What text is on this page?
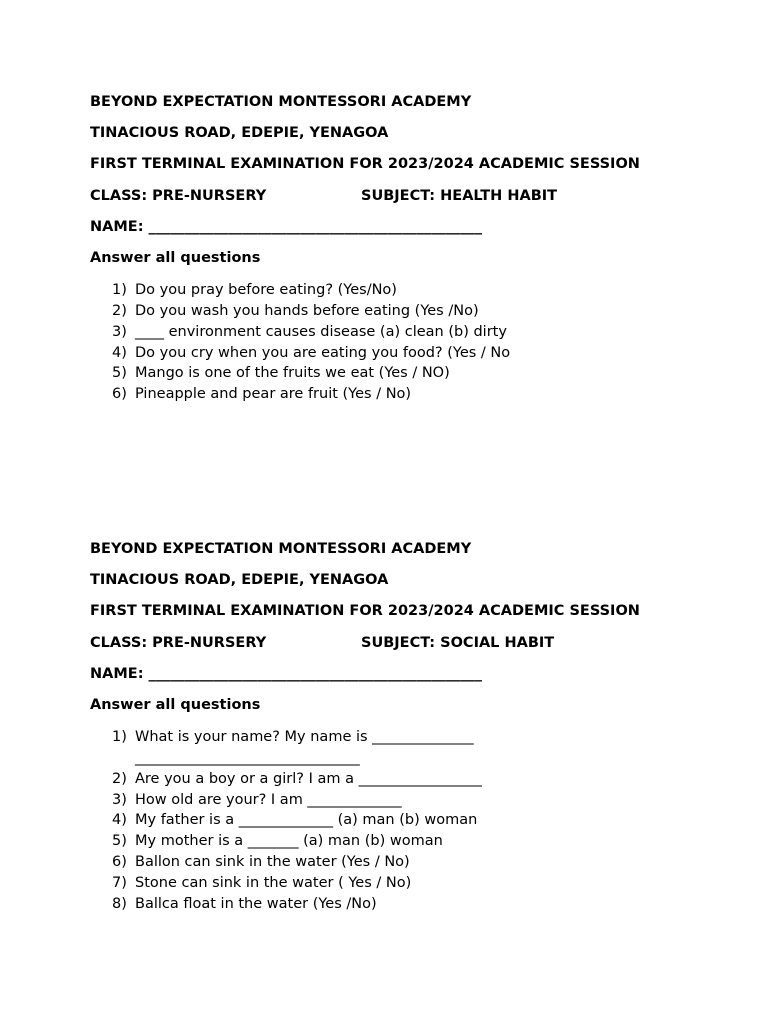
BEYOND EXPECTATION MONTESSORI ACADEMY
TINACIOUS ROAD, EDEPIE, YENAGOA
FIRST TERMINAL EXAMINATION FOR 2023/2024 ACADEMIC SESSION
CLASS: PRE-NURSERY	SUBJECT: HEALTH HABIT
NAME: ______________________________________________
Answer all questions
1) Do you pray before eating? (Yes/No)
2) Do you wash you hands before eating (Yes /No)
3) ____ environment causes disease (a) clean (b) dirty
4) Do you cry when you are eating you food? (Yes / No
5) Mango is one of the fruits we eat (Yes / NO)
6) Pineapple and pear are fruit (Yes / No)
BEYOND EXPECTATION MONTESSORI ACADEMY
TINACIOUS ROAD, EDEPIE, YENAGOA
FIRST TERMINAL EXAMINATION FOR 2023/2024 ACADEMIC SESSION
CLASS: PRE-NURSERY	SUBJECT: SOCIAL HABIT
NAME: ______________________________________________
Answer all questions
1) What is your name? My name is _____________________________________________
2) Are you a boy or a girl? I am a _________________
3) How old are your? I am _____________
4) My father is a _____________ (a) man (b) woman
5) My mother is a _______ (a) man (b) woman
6) Ballon can sink in the water (Yes / No)
7) Stone can sink in the water ( Yes / No)
8) Ballca float in the water (Yes /No)
